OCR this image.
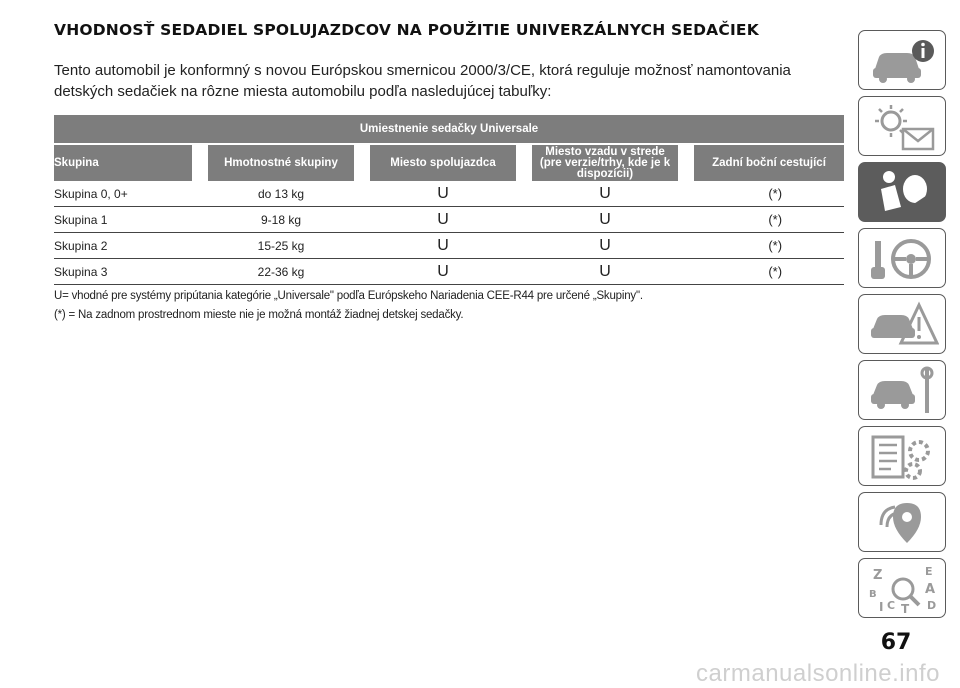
VHODNOSŤ SEDADIEL SPOLUJAZDCOV NA POUŽITIE UNIVERZÁLNYCH SEDAČIEK

Tento automobil je konformný s novou Európskou smernicou 2000/3/CE, ktorá reguluje možnosť namontovania detských sedačiek na rôzne miesta automobilu podľa nasledujúcej tabuľky:

Umiestnenie sedačky Universale				
Skupina	Hmotnostné skupiny	Miesto spolujazdca	Miesto vzadu v strede (pre verzie/trhy, kde je k dispozícii)	Zadní boční cestující
Skupina 0, 0+	do 13 kg	U	U	(*)
Skupina 1	9-18 kg	U	U	(*)
Skupina 2	15-25 kg	U	U	(*)
Skupina 3	22-36 kg	U	U	(*)

U= vhodné pre systémy pripútania kategórie „Universale" podľa Európskeho Nariadenia CEE-R44 pre určené „Skupiny".

(*) = Na zadnom prostrednom mieste nie je možná montáž žiadnej detskej sedačky.

Z	E
B	A
I C T D
67
carmanualsonline.info
